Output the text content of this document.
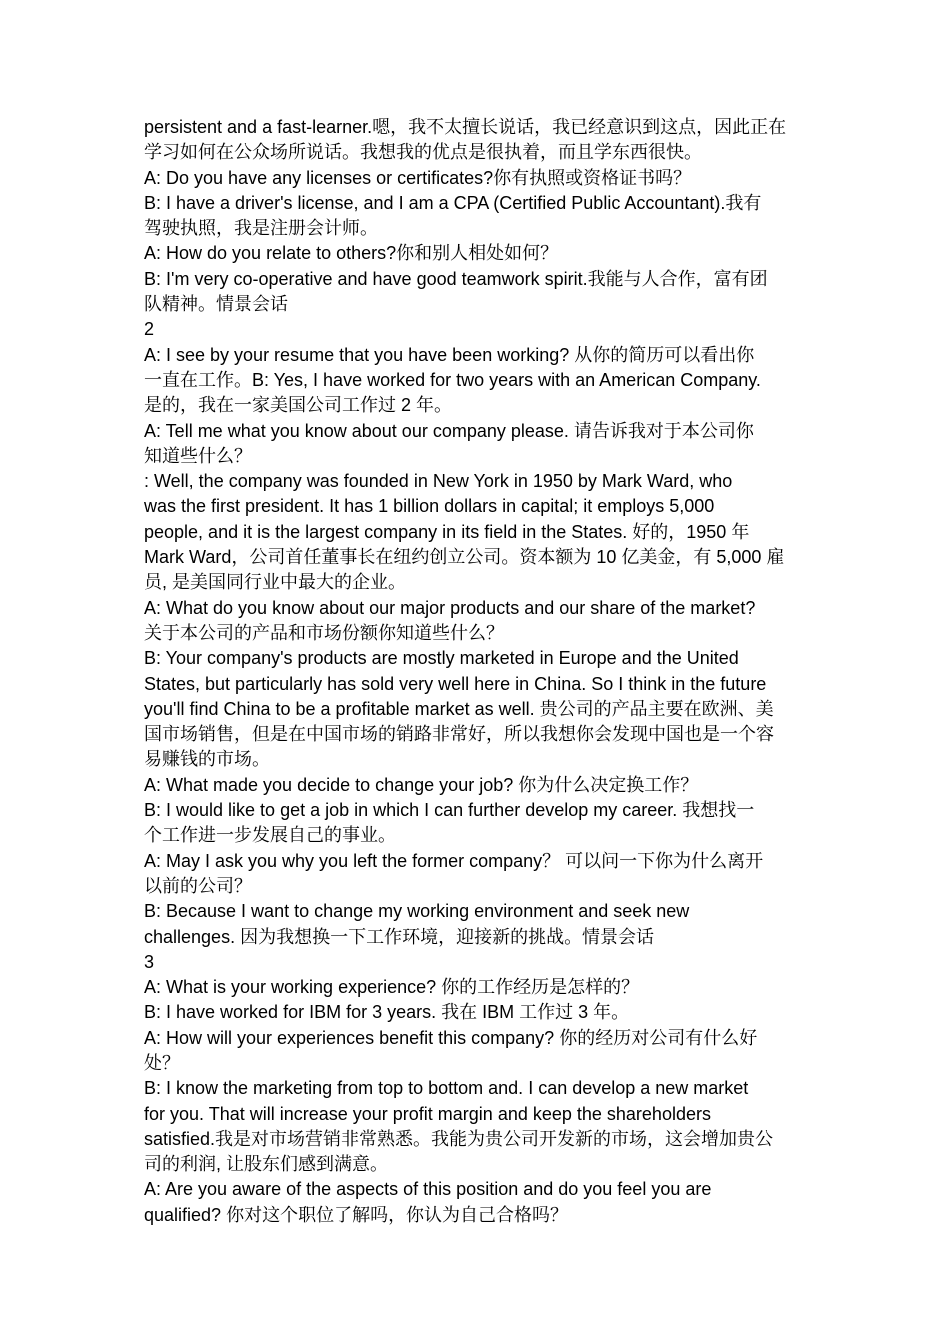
persistent and a fast-learner.嗯，我不太擅长说话，我已经意识到这点，因此正在

学习如何在公众场所说话。我想我的优点是很执着，而且学东西很快。

A: Do you have any licenses or certificates?你有执照或资格证书吗？

B: I have a driver's license, and I am a CPA (Certified Public Accountant).我有

驾驶执照，我是注册会计师。

A: How do you relate to others?你和别人相处如何？

B: I'm very co-operative and have good teamwork spirit.我能与人合作，富有团

队精神。情景会话

2

A: I see by your resume that you have been working? 从你的简历可以看出你

一直在工作。B: Yes, I have worked for two years with an American Company.

是的，我在一家美国公司工作过 2 年。

A: Tell me what you know about our company please. 请告诉我对于本公司你

知道些什么？

: Well, the company was founded in New York in 1950 by Mark Ward, who

was the first president. It has 1 billion dollars in capital; it employs 5,000

people, and it is the largest company in its field in the States. 好的，1950 年

Mark Ward，公司首任董事长在纽约创立公司。资本额为 10 亿美金，有 5,000 雇

员, 是美国同行业中最大的企业。

A: What do you know about our major products and our share of the market?

关于本公司的产品和市场份额你知道些什么？

B: Your company's products are mostly marketed in Europe and the United

States, but particularly has sold very well here in China. So I think in the future

you'll find China to be a profitable market as well. 贵公司的产品主要在欧洲、美

国市场销售，但是在中国市场的销路非常好，所以我想你会发现中国也是一个容

易赚钱的市场。

A: What made you decide to change your job? 你为什么决定换工作？

B: I would like to get a job in which I can further develop my career. 我想找一

个工作进一步发展自己的事业。

A: May I ask you why you left the former company？ 可以问一下你为什么离开

以前的公司？

B: Because I want to change my working environment and seek new

challenges. 因为我想换一下工作环境，迎接新的挑战。情景会话

3

A: What is your working experience? 你的工作经历是怎样的？

B: I have worked for IBM for 3 years. 我在 IBM 工作过 3 年。

A: How will your experiences benefit this company? 你的经历对公司有什么好

处？

B: I know the marketing from top to bottom and. I can develop a new market

for you. That will increase your profit margin and keep the shareholders

satisfied.我是对市场营销非常熟悉。我能为贵公司开发新的市场，这会增加贵公

司的利润, 让股东们感到满意。

A: Are you aware of the aspects of this position and do you feel you are

qualified? 你对这个职位了解吗，你认为自己合格吗？
